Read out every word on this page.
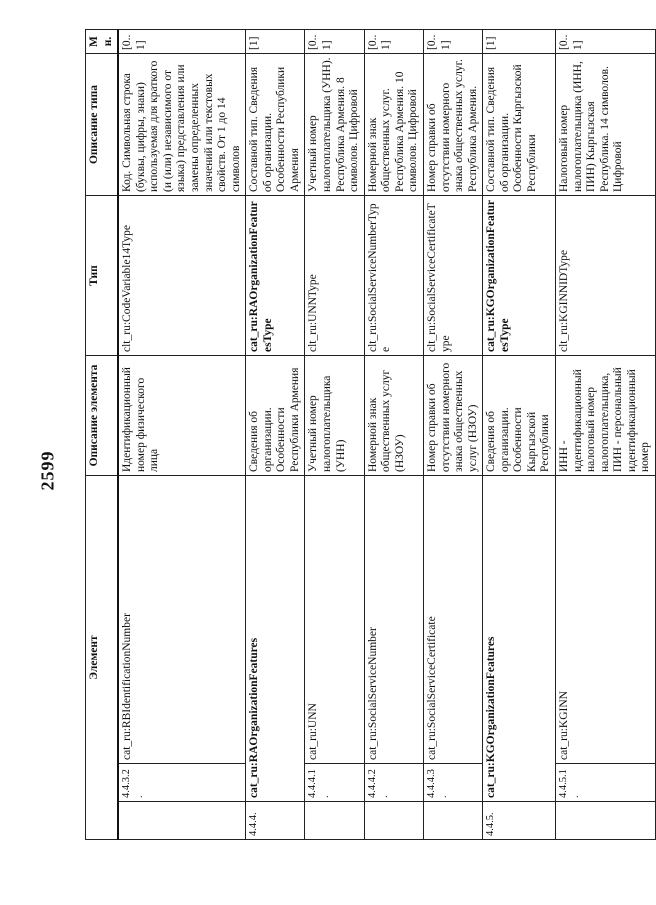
2599
Элемент			Описание элемента	Тип	Описание типа	Мн.
	4.4.3.2.	cat_ru:RBIdentificationNumber	Идентификационный номер физического лица	clt_ru:CodeVariable14Type	Код. Символьная строка (буквы, цифры, знаки) используемая для краткого (и (или) независимого от языка) представления или замены определенных значений или текстовых свойств. От 1 до 14 символов	[0..1]
4.4.4.	cat_ru:RAOrganizationFeatures		Сведения об организации. Особенности Республики Армения	cat_ru:RAOrganizationFeaturesType	Составной тип. Сведения об организации. Особенности Республики Армения	[1]
	4.4.4.1.	cat_ru:UNN	Учетный номер налогоплательщика (УНН)	clt_ru:UNNType	Учетный номер налогоплательщика (УНН). Республика Армения. 8 символов. Цифровой	[0..1]
	4.4.4.2.	cat_ru:SocialServiceNumber	Номерной знак общественных услуг (НЗОУ)	clt_ru:SocialServiceNumberType	Номерной знак общественных услуг. Республика Армения. 10 символов. Цифровой	[0..1]
	4.4.4.3.	cat_ru:SocialServiceCertificate	Номер справки об отсутствии номерного знака общественных услуг (НЗОУ)	clt_ru:SocialServiceCertificateType	Номер справки об отсутствии номерного знака общественных услуг. Республика Армения.	[0..1]
4.4.5.	cat_ru:KGOrganizationFeatures		Сведения об организации. Особенности Кыргызской Республики	cat_ru:KGOrganizationFeaturesType	Составной тип. Сведения об организации. Особенности Кыргызской Республики	[1]
	4.4.5.1.	cat_ru:KGINN	ИНН - идентификационный налоговый номер налогоплательщика, ПИН - персональный идентификационный номер	clt_ru:KGINNIDType	Налоговый номер налогоплательщика (ИНН, ПИН) Кыргызская Республика. 14 символов. Цифровой	[0..1]
